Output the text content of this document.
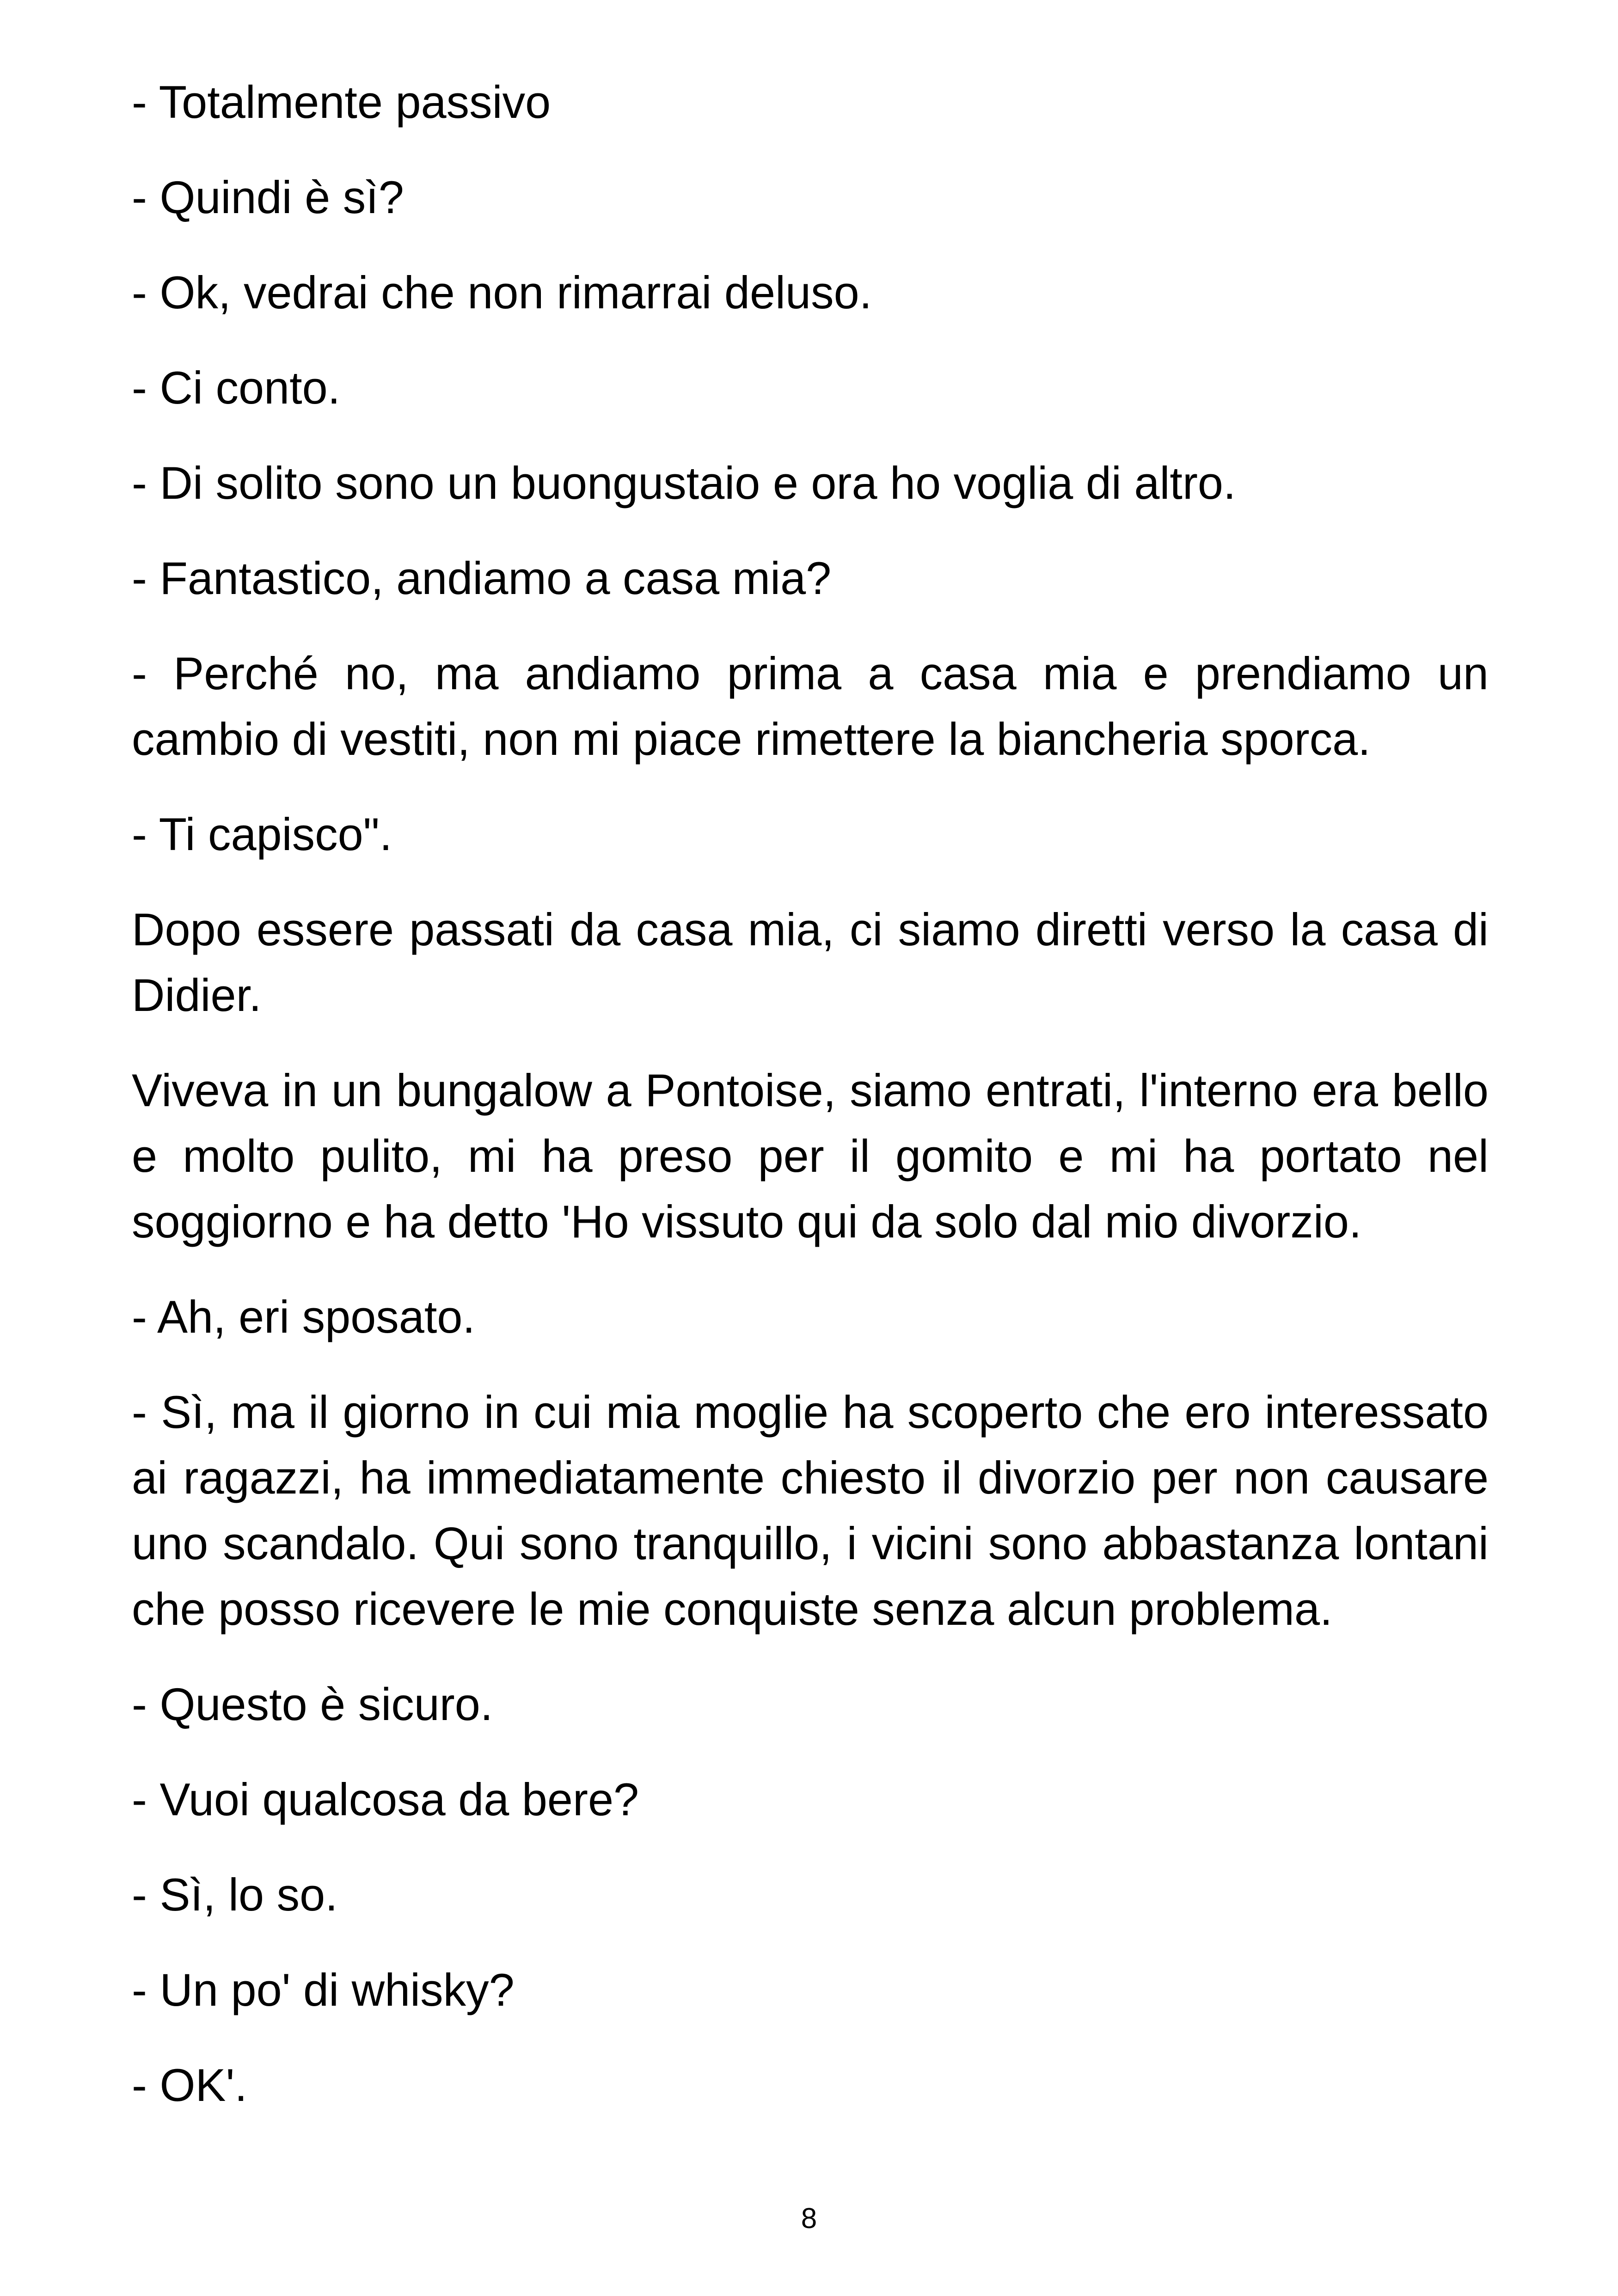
- Totalmente passivo

- Quindi è sì?

- Ok, vedrai che non rimarrai deluso.

- Ci conto.

- Di solito sono un buongustaio e ora ho voglia di altro.

- Fantastico, andiamo a casa mia?

- Perché no, ma andiamo prima a casa mia e prendiamo un cambio di vestiti, non mi piace rimettere la biancheria sporca.

- Ti capisco".

Dopo essere passati da casa mia, ci siamo diretti verso la casa di Didier.

Viveva in un bungalow a Pontoise, siamo entrati, l'interno era bello e molto pulito, mi ha preso per il gomito e mi ha portato nel soggiorno e ha detto 'Ho vissuto qui da solo dal mio divorzio.

- Ah, eri sposato.

- Sì, ma il giorno in cui mia moglie ha scoperto che ero interessato ai ragazzi, ha immediatamente chiesto il divorzio per non causare uno scandalo. Qui sono tranquillo, i vicini sono abbastanza lontani che posso ricevere le mie conquiste senza alcun problema.

- Questo è sicuro.

- Vuoi qualcosa da bere?

- Sì, lo so.

- Un po' di whisky?

- OK'.

8
